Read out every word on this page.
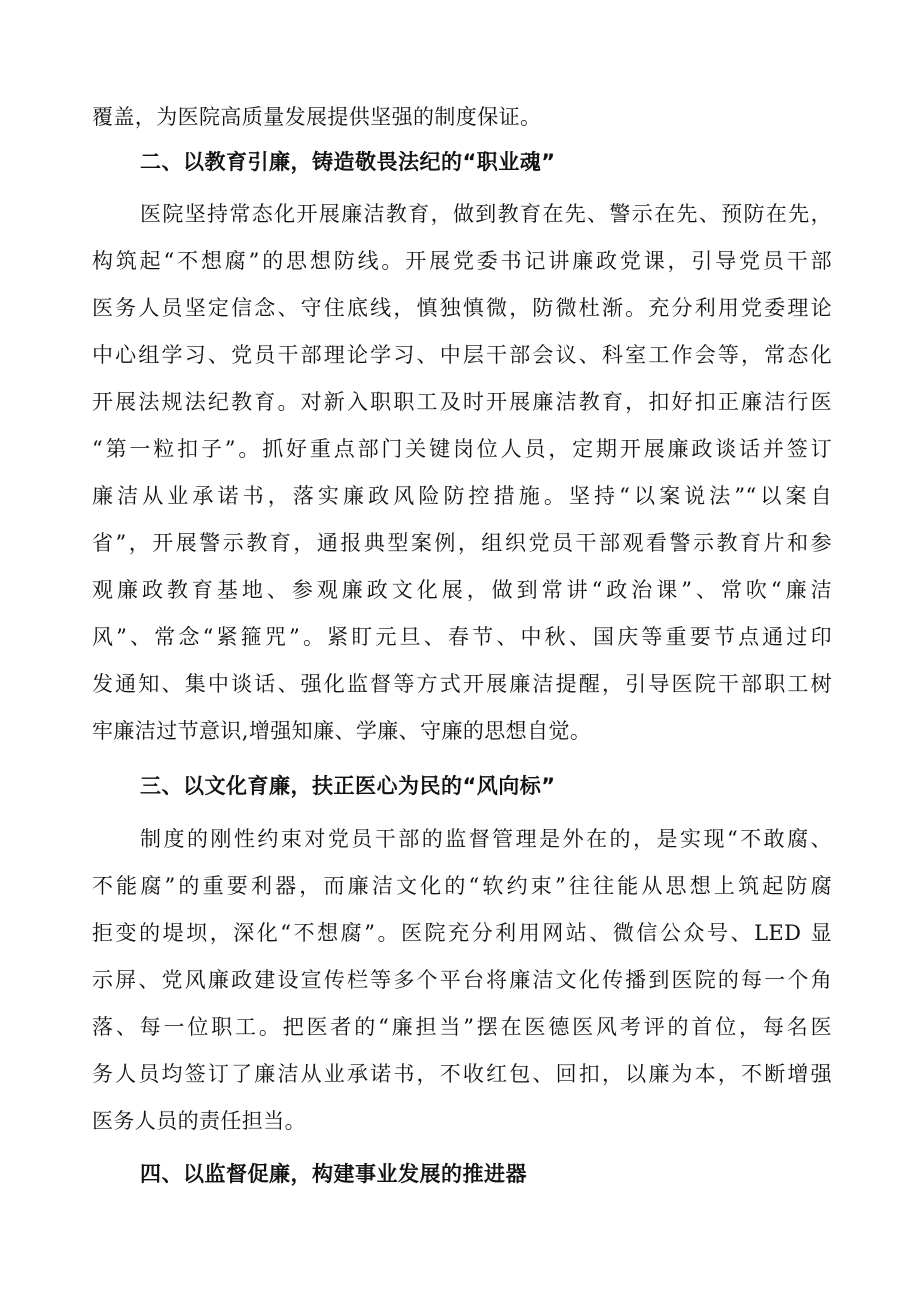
覆盖，为医院高质量发展提供坚强的制度保证。
二、以教育引廉，铸造敬畏法纪的“职业魂”
医院坚持常态化开展廉洁教育，做到教育在先、警示在先、预防在先，
构筑起“不想腐”的思想防线。开展党委书记讲廉政党课，引导党员干部
医务人员坚定信念、守住底线，慎独慎微，防微杜渐。充分利用党委理论
中心组学习、党员干部理论学习、中层干部会议、科室工作会等，常态化
开展法规法纪教育。对新入职职工及时开展廉洁教育，扣好扣正廉洁行医
“第一粒扣子”。抓好重点部门关键岗位人员，定期开展廉政谈话并签订
廉洁从业承诺书，落实廉政风险防控措施。坚持“以案说法”“以案自
省”，开展警示教育，通报典型案例，组织党员干部观看警示教育片和参
观廉政教育基地、参观廉政文化展，做到常讲“政治课”、常吹“廉洁
风”、常念“紧箍咒”。紧盯元旦、春节、中秋、国庆等重要节点通过印
发通知、集中谈话、强化监督等方式开展廉洁提醒，引导医院干部职工树
牢廉洁过节意识,增强知廉、学廉、守廉的思想自觉。
三、以文化育廉，扶正医心为民的“风向标”
制度的刚性约束对党员干部的监督管理是外在的，是实现“不敢腐、
不能腐”的重要利器，而廉洁文化的“软约束”往往能从思想上筑起防腐
拒变的堤坝，深化“不想腐”。医院充分利用网站、微信公众号、LED 显
示屏、党风廉政建设宣传栏等多个平台将廉洁文化传播到医院的每一个角
落、每一位职工。把医者的“廉担当”摆在医德医风考评的首位，每名医
务人员均签订了廉洁从业承诺书，不收红包、回扣，以廉为本，不断增强
医务人员的责任担当。
四、以监督促廉，构建事业发展的推进器
